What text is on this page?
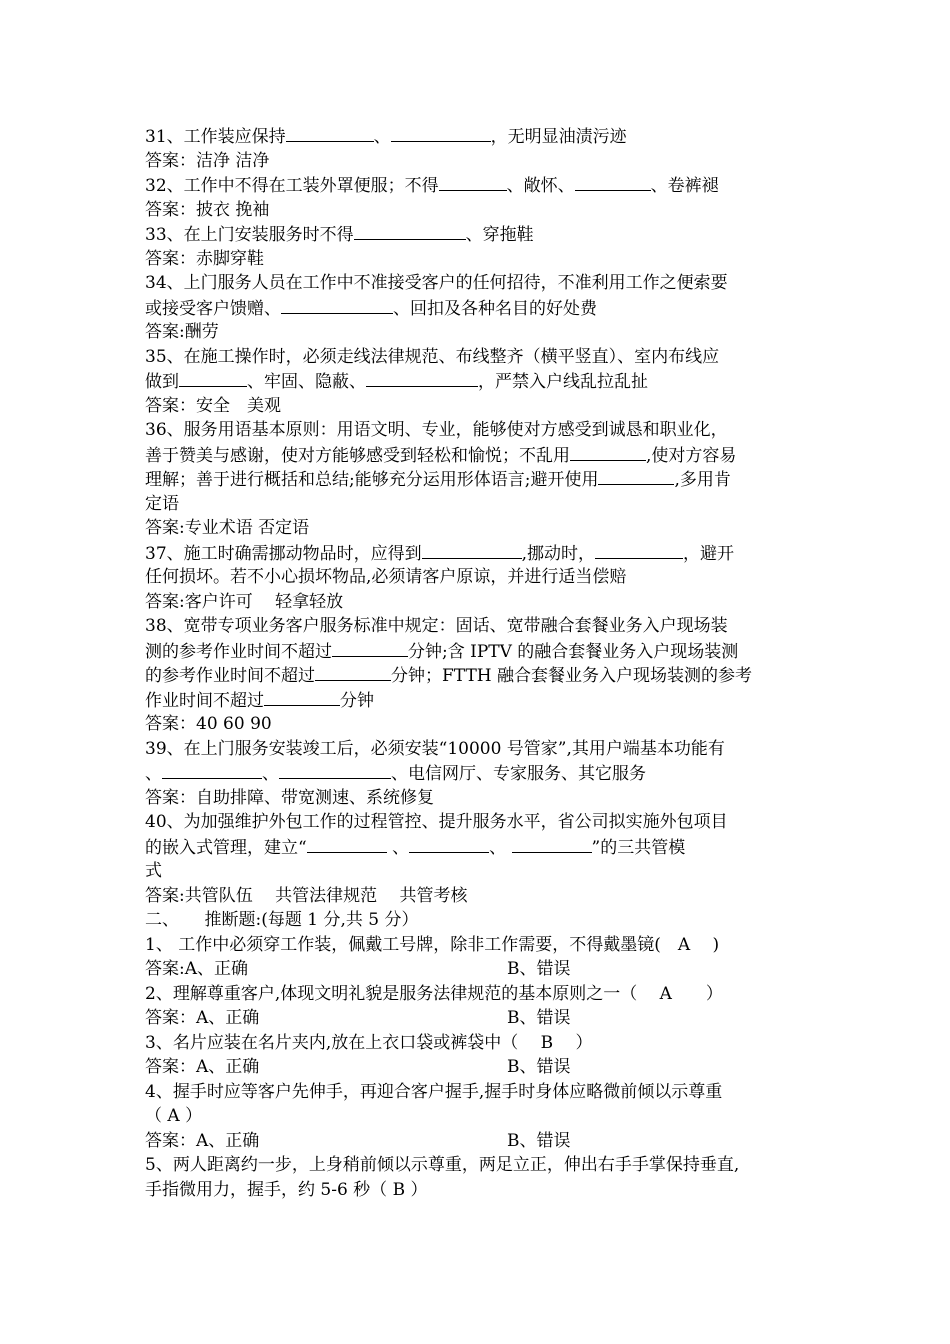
31、工作装应保持	、	，无明显油渍污迹
答案：洁净 洁净
32、工作中不得在工装外罩便服；不得	、敞怀、	、卷裤褪
答案：披衣 挽袖
33、在上门安装服务时不得	、穿拖鞋
答案：赤脚穿鞋
34、上门服务人员在工作中不准接受客户的任何招待，不准利用工作之便索要
或接受客户馈赠、	、回扣及各种名目的好处费
答案:酬劳
35、在施工操作时，必须走线法律规范、布线整齐（横平竖直）、室内布线应
做到	、牢固、隐蔽、	，严禁入户线乱拉乱扯
答案：安全　美观
36、服务用语基本原则：用语文明、专业，能够使对方感受到诚恳和职业化，
善于赞美与感谢，使对方能够感受到轻松和愉悦；不乱用	,使对方容易
理解；善于进行概括和总结;能够充分运用形体语言;避开使用	,多用肯
定语
答案:专业术语 否定语
37、施工时确需挪动物品时，应得到	,挪动时，	，避开
任何损坏。若不小心损坏物品,必须请客户原谅，并进行适当偿赔
答案:客户许可　 轻拿轻放
38、宽带专项业务客户服务标准中规定：固话、宽带融合套餐业务入户现场装
测的参考作业时间不超过	分钟;含 IPTV 的融合套餐业务入户现场装测
的参考作业时间不超过	分钟；FTTH 融合套餐业务入户现场装测的参考
作业时间不超过	分钟
答案：40 60 90
39、在上门服务安装竣工后，必须安装“10000 号管家”,其用户端基本功能有
、	、	、电信网厅、专家服务、其它服务
答案：自助排障、带宽测速、系统修复
40、为加强维护外包工作的过程管控、提升服务水平，省公司拟实施外包项目
的嵌入式管理，建立“	、	、	”的三共管模
式
答案:共管队伍　 共管法律规范　 共管考核
二、　　推断题:(每题 1 分,共 5 分）
1、 工作中必须穿工作装，佩戴工号牌，除非工作需要，不得戴墨镜(　A　 )
答案:A、正确	B、错误
2、理解尊重客户,体现文明礼貌是服务法律规范的基本原则之一（　 A　　）
答案：A、正确	B、错误
3、名片应装在名片夹内,放在上衣口袋或裤袋中（　 B　 ）
答案：A、正确	B、错误
4、握手时应等客户先伸手，再迎合客户握手,握手时身体应略微前倾以示尊重
（ A ）
答案：A、正确	B、错误
5、两人距离约一步，上身稍前倾以示尊重，两足立正，伸出右手手掌保持垂直,
手指微用力，握手，约 5-6 秒（ B ）
